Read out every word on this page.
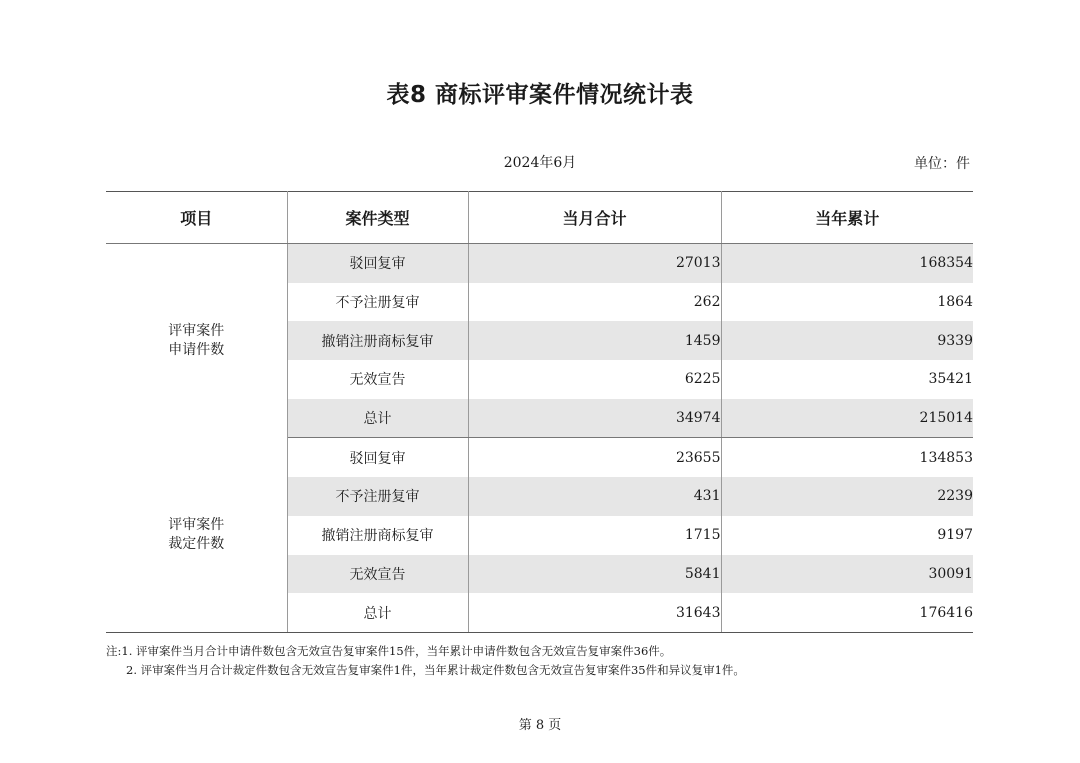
表8 商标评审案件情况统计表
2024年6月	单位：件
项目	案件类型	当月合计	当年累计

评审案件
申请件数	驳回复审	27013	168354
	不予注册复审	262	1864
	撤销注册商标复审	1459	9339
	无效宣告	6225	35421
	总计	34974	215014

评审案件
裁定件数	驳回复审	23655	134853
	不予注册复审	431	2239
	撤销注册商标复审	1715	9197
	无效宣告	5841	30091
	总计	31643	176416
注:1. 评审案件当月合计申请件数包含无效宣告复审案件15件，当年累计申请件数包含无效宣告复审案件36件。
2. 评审案件当月合计裁定件数包含无效宣告复审案件1件，当年累计裁定件数包含无效宣告复审案件35件和异议复审1件。
第 8 页
